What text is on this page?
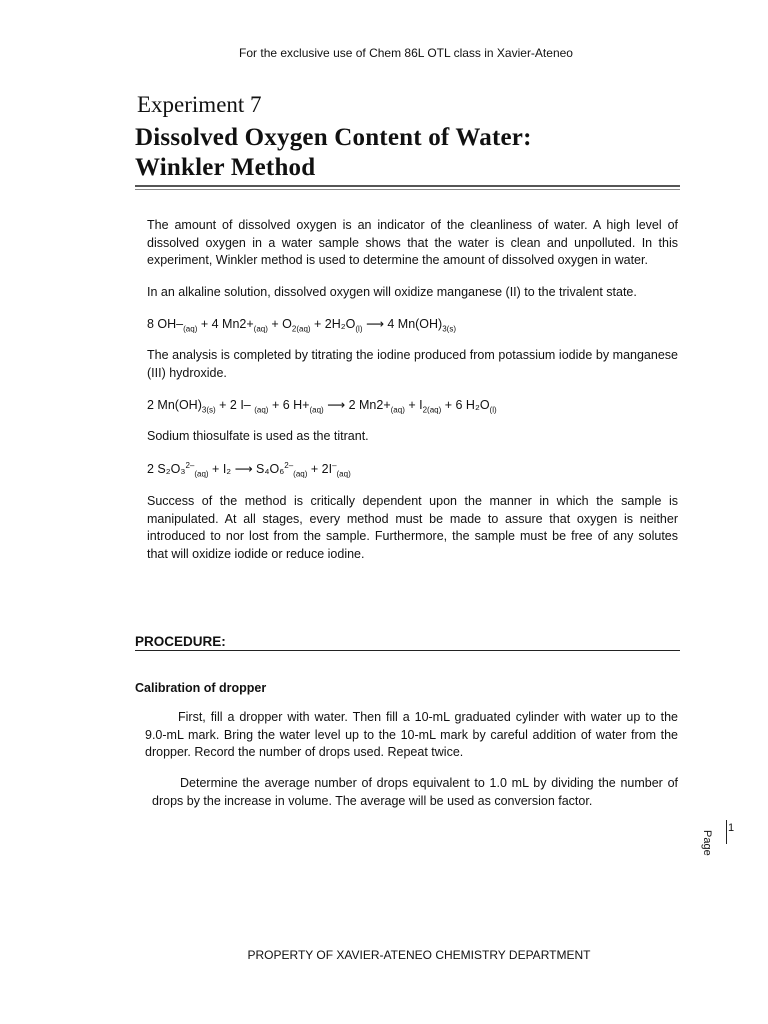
For the exclusive use of Chem 86L OTL class in Xavier-Ateneo
Experiment 7
Dissolved Oxygen Content of Water:
Winkler Method
The amount of dissolved oxygen is an indicator of the cleanliness of water. A high level of dissolved oxygen in a water sample shows that the water is clean and unpolluted. In this experiment, Winkler method is used to determine the amount of dissolved oxygen in water.
In an alkaline solution, dissolved oxygen will oxidize manganese (II) to the trivalent state.
8 $OH-_{(aq)} + 4$ $Mn2+_{(aq)} + O_{2(aq)} + 2H_2O_{(l)}$ ⟶ 4 $Mn(OH)_{3(s)}$
The analysis is completed by titrating the iodine produced from potassium iodide by manganese (III) hydroxide.
2 $Mn(OH)_{3(s)} + 2$ I– $_{(aq)}$ + 6 $H+_{(aq)}$ ⟶ 2 $Mn2+_{(aq)} + I_{2(aq)} + 6$ $H_2O_{(l)}$
Sodium thiosulfate is used as the titrant.
2 S₂O₃$^{2-}_{(aq)}$ + I₂ ⟶ $S_4O_6^{2-}_{(aq)} + 2I^-_{(aq)}$
Success of the method is critically dependent upon the manner in which the sample is manipulated. At all stages, every method must be made to assure that oxygen is neither introduced to nor lost from the sample. Furthermore, the sample must be free of any solutes that will oxidize iodide or reduce iodine.
PROCEDURE:
Calibration of dropper
First, fill a dropper with water. Then fill a 10-mL graduated cylinder with water up to the 9.0-mL mark. Bring the water level up to the 10-mL mark by careful addition of water from the dropper. Record the number of drops used. Repeat twice.
Determine the average number of drops equivalent to 1.0 mL by dividing the number of drops by the increase in volume. The average will be used as conversion factor.
Page
1
PROPERTY OF XAVIER-ATENEO CHEMISTRY DEPARTMENT
